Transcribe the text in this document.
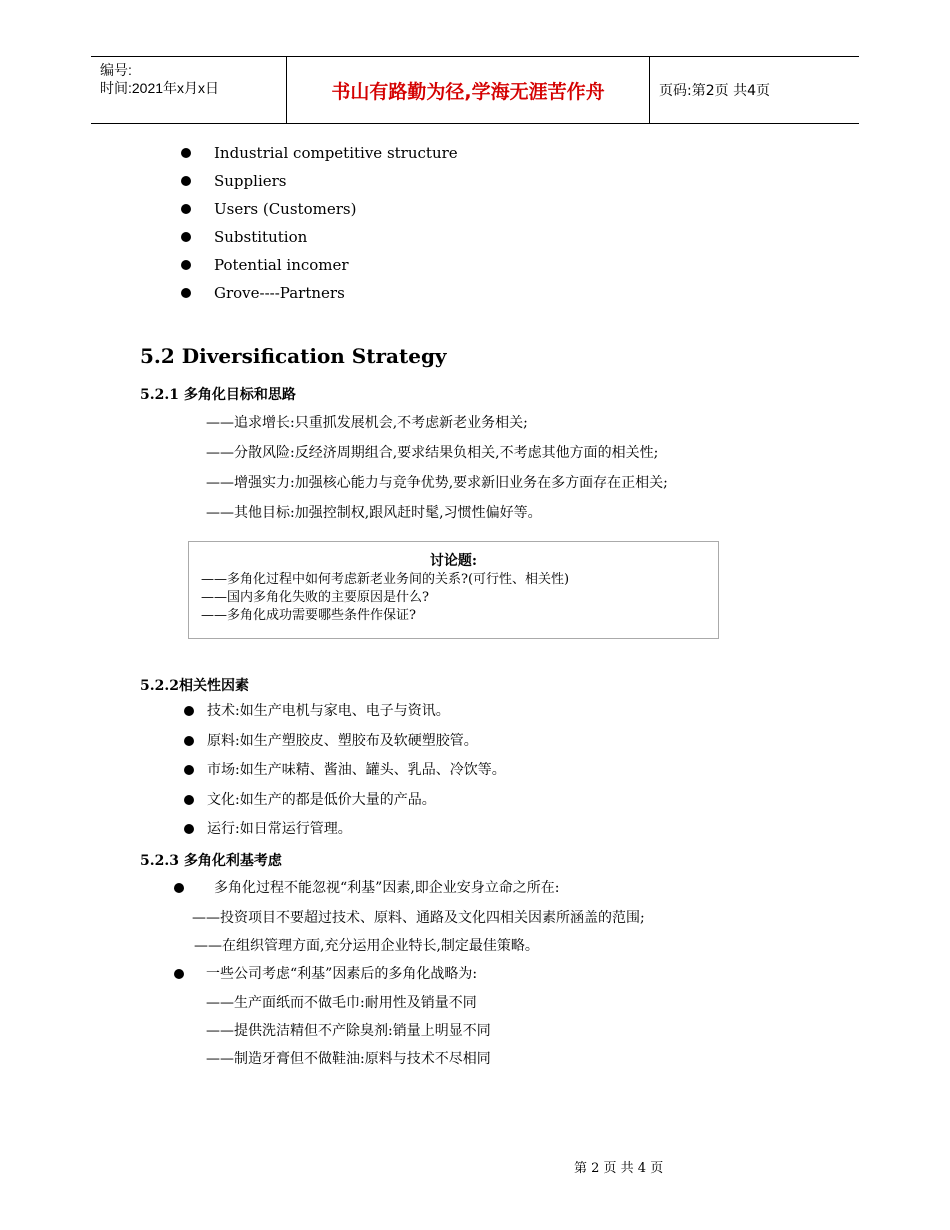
编号:
时间:2021年x月x日	书山有路勤为径,学海无涯苦作舟	页码:第2页 共4页
Industrial competitive structure
Suppliers
Users (Customers)
Substitution
Potential incomer
Grove----Partners
5.2 Diversification Strategy
5.2.1 多角化目标和思路
——追求增长:只重抓发展机会,不考虑新老业务相关;
——分散风险:反经济周期组合,要求结果负相关,不考虑其他方面的相关性;
——增强实力:加强核心能力与竞争优势,要求新旧业务在多方面存在正相关;
——其他目标:加强控制权,跟风赶时髦,习惯性偏好等。
讨论题:
——多角化过程中如何考虑新老业务间的关系?(可行性、相关性)
——国内多角化失败的主要原因是什么?
——多角化成功需要哪些条件作保证?
5.2.2相关性因素
技术:如生产电机与家电、电子与资讯。
原料:如生产塑胶皮、塑胶布及软硬塑胶管。
市场:如生产味精、酱油、罐头、乳品、冷饮等。
文化:如生产的都是低价大量的产品。
运行:如日常运行管理。
5.2.3 多角化利基考虑
多角化过程不能忽视“利基”因素,即企业安身立命之所在:
——投资项目不要超过技术、原料、通路及文化四相关因素所涵盖的范围;
——在组织管理方面,充分运用企业特长,制定最佳策略。
一些公司考虑“利基”因素后的多角化战略为:
——生产面纸而不做毛巾:耐用性及销量不同
——提供洗洁精但不产除臭剂:销量上明显不同
——制造牙膏但不做鞋油:原料与技术不尽相同
第 2 页 共 4 页
